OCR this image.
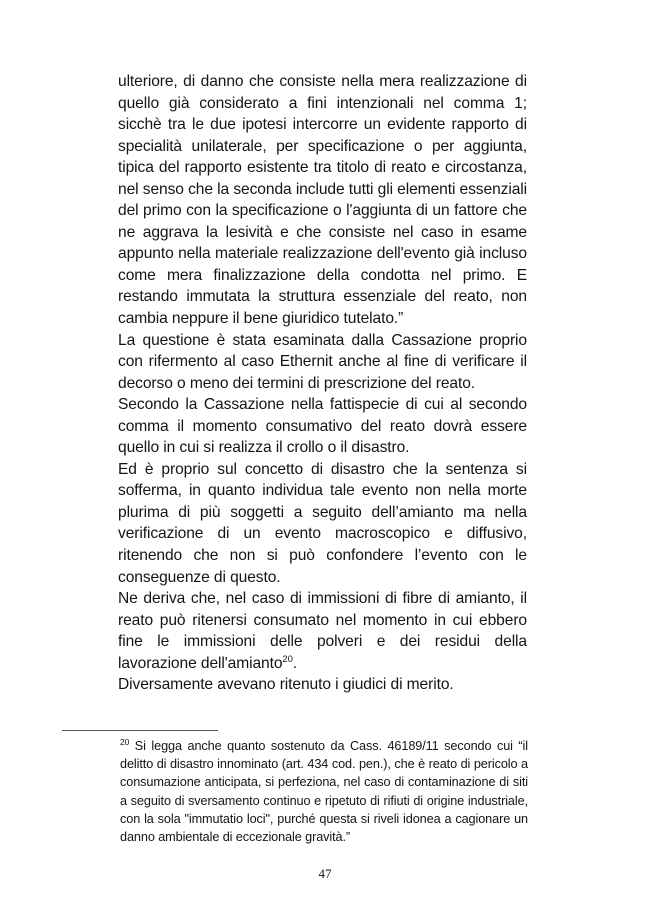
ulteriore, di danno che consiste nella mera realizzazione di quello già considerato a fini intenzionali nel comma 1; sicchè tra le due ipotesi intercorre un evidente rapporto di specialità unilaterale, per specificazione o per aggiunta, tipica del rapporto esistente tra titolo di reato e circostanza, nel senso che la seconda include tutti gli elementi essenziali del primo con la specificazione o l'aggiunta di un fattore che ne aggrava la lesività e che consiste nel caso in esame appunto nella materiale realizzazione dell'evento già incluso come mera finalizzazione della condotta nel primo. E restando immutata la struttura essenziale del reato, non cambia neppure il bene giuridico tutelato.”

La questione è stata esaminata dalla Cassazione proprio con rifermento al caso Ethernit anche al fine di verificare il decorso o meno dei termini di prescrizione del reato.

Secondo la Cassazione nella fattispecie di cui al secondo comma il momento consumativo del reato dovrà essere quello in cui si realizza il crollo o il disastro.

Ed è proprio sul concetto di disastro che la sentenza si sofferma, in quanto individua tale evento non nella morte plurima di più soggetti a seguito dell’amianto ma nella verificazione di un evento macroscopico e diffusivo, ritenendo che non si può confondere l’evento con le conseguenze di questo.

Ne deriva che, nel caso di immissioni di fibre di amianto, il reato può ritenersi consumato nel momento in cui ebbero fine le immissioni delle polveri e dei residui della lavorazione dell'amianto$^{20}$.

Diversamente avevano ritenuto i giudici di merito.

$^{20}$ Si legga anche quanto sostenuto da Cass. 46189/11 secondo cui “il delitto di disastro innominato (art. 434 cod. pen.), che è reato di pericolo a consumazione anticipata, si perfeziona, nel caso di contaminazione di siti a seguito di sversamento continuo e ripetuto di rifiuti di origine industriale, con la sola "immutatio loci", purché questa si riveli idonea a cagionare un danno ambientale di eccezionale gravità.”

47
